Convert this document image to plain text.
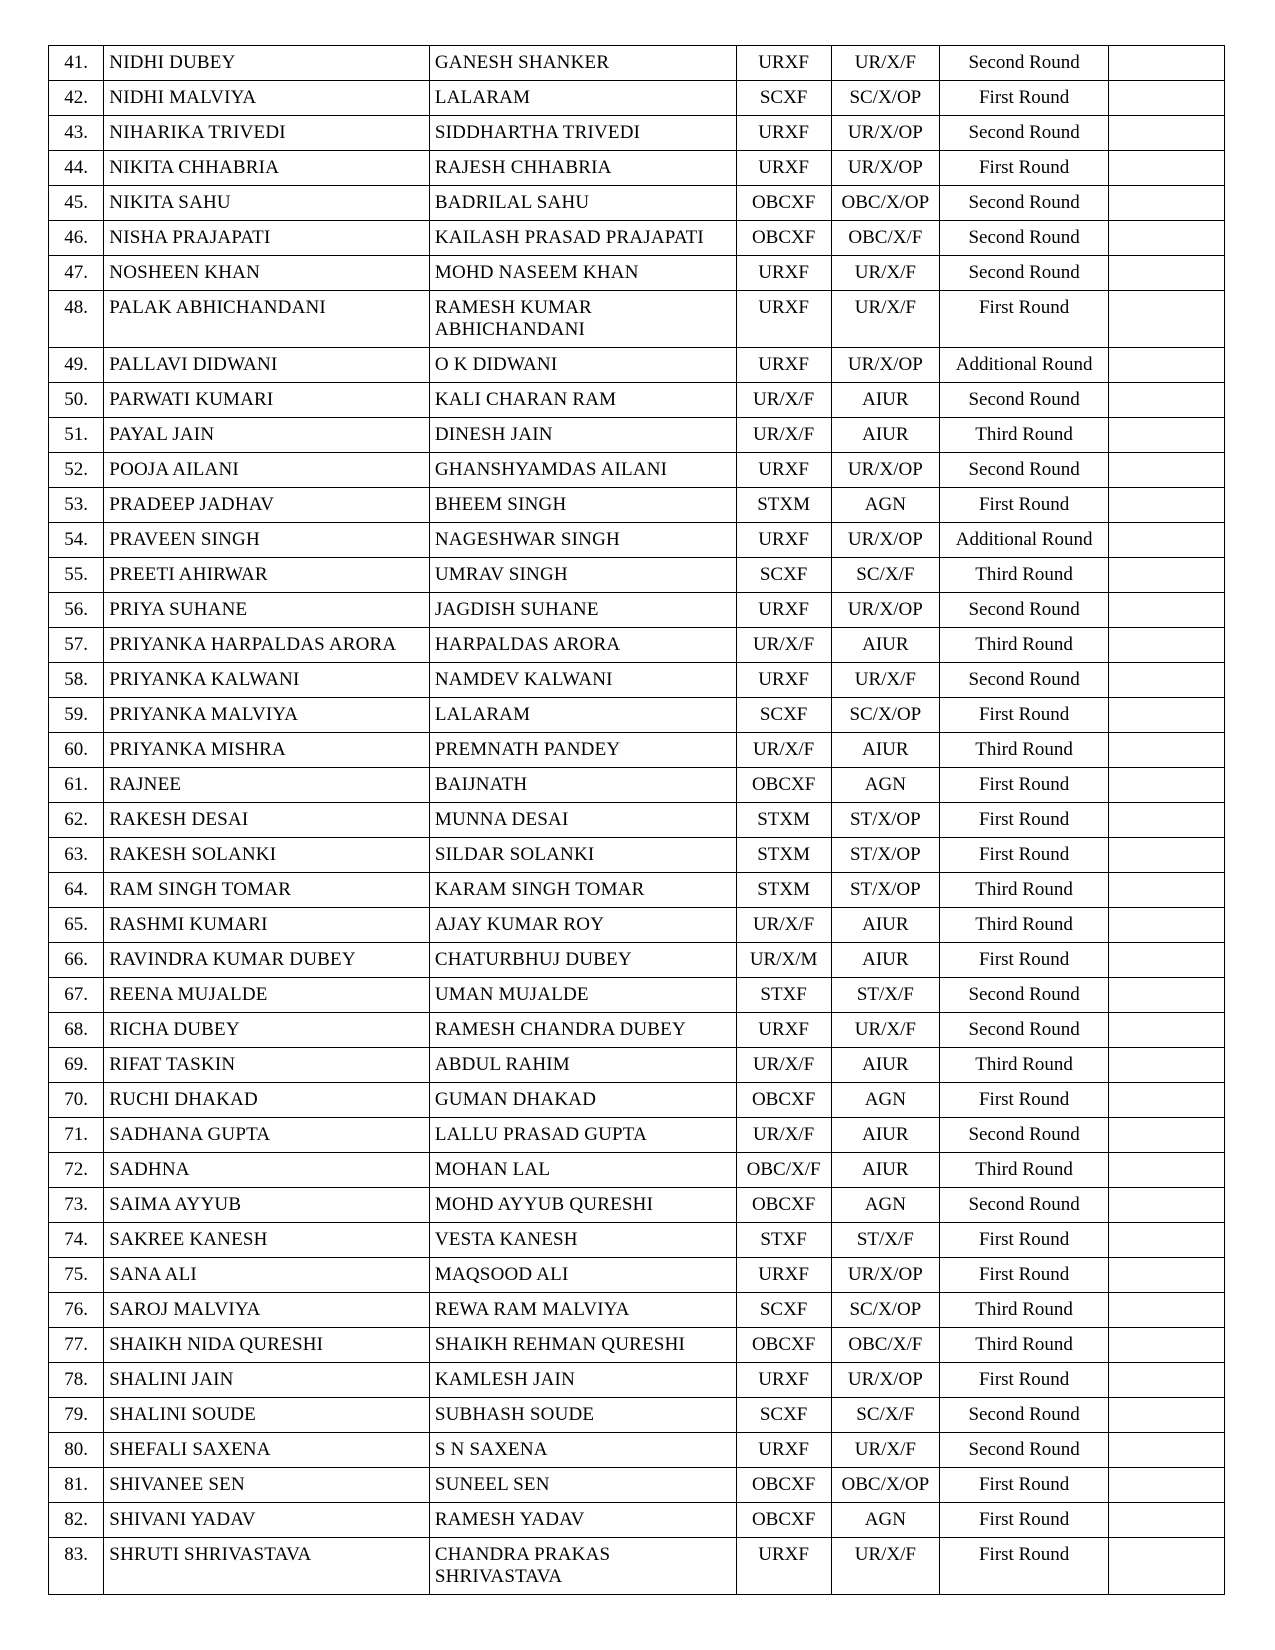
41.	NIDHI DUBEY	GANESH SHANKER	URXF	UR/X/F	Second Round	
42.	NIDHI MALVIYA	LALARAM	SCXF	SC/X/OP	First Round	
43.	NIHARIKA TRIVEDI	SIDDHARTHA TRIVEDI	URXF	UR/X/OP	Second Round	
44.	NIKITA CHHABRIA	RAJESH CHHABRIA	URXF	UR/X/OP	First Round	
45.	NIKITA SAHU	BADRILAL SAHU	OBCXF	OBC/X/OP	Second Round	
46.	NISHA PRAJAPATI	KAILASH PRASAD PRAJAPATI	OBCXF	OBC/X/F	Second Round	
47.	NOSHEEN KHAN	MOHD NASEEM KHAN	URXF	UR/X/F	Second Round	
48.	PALAK ABHICHANDANI	RAMESH KUMAR ABHICHANDANI	URXF	UR/X/F	First Round	
49.	PALLAVI DIDWANI	O K DIDWANI	URXF	UR/X/OP	Additional Round	
50.	PARWATI KUMARI	KALI CHARAN RAM	UR/X/F	AIUR	Second Round	
51.	PAYAL JAIN	DINESH JAIN	UR/X/F	AIUR	Third Round	
52.	POOJA AILANI	GHANSHYAMDAS AILANI	URXF	UR/X/OP	Second Round	
53.	PRADEEP JADHAV	BHEEM SINGH	STXM	AGN	First Round	
54.	PRAVEEN SINGH	NAGESHWAR SINGH	URXF	UR/X/OP	Additional Round	
55.	PREETI AHIRWAR	UMRAV SINGH	SCXF	SC/X/F	Third Round	
56.	PRIYA SUHANE	JAGDISH SUHANE	URXF	UR/X/OP	Second Round	
57.	PRIYANKA HARPALDAS ARORA	HARPALDAS ARORA	UR/X/F	AIUR	Third Round	
58.	PRIYANKA KALWANI	NAMDEV KALWANI	URXF	UR/X/F	Second Round	
59.	PRIYANKA MALVIYA	LALARAM	SCXF	SC/X/OP	First Round	
60.	PRIYANKA MISHRA	PREMNATH PANDEY	UR/X/F	AIUR	Third Round	
61.	RAJNEE	BAIJNATH	OBCXF	AGN	First Round	
62.	RAKESH DESAI	MUNNA DESAI	STXM	ST/X/OP	First Round	
63.	RAKESH SOLANKI	SILDAR SOLANKI	STXM	ST/X/OP	First Round	
64.	RAM SINGH TOMAR	KARAM SINGH TOMAR	STXM	ST/X/OP	Third Round	
65.	RASHMI KUMARI	AJAY KUMAR ROY	UR/X/F	AIUR	Third Round	
66.	RAVINDRA KUMAR DUBEY	CHATURBHUJ DUBEY	UR/X/M	AIUR	First Round	
67.	REENA MUJALDE	UMAN MUJALDE	STXF	ST/X/F	Second Round	
68.	RICHA DUBEY	RAMESH CHANDRA DUBEY	URXF	UR/X/F	Second Round	
69.	RIFAT TASKIN	ABDUL RAHIM	UR/X/F	AIUR	Third Round	
70.	RUCHI DHAKAD	GUMAN DHAKAD	OBCXF	AGN	First Round	
71.	SADHANA GUPTA	LALLU PRASAD GUPTA	UR/X/F	AIUR	Second Round	
72.	SADHNA	MOHAN LAL	OBC/X/F	AIUR	Third Round	
73.	SAIMA AYYUB	MOHD AYYUB QURESHI	OBCXF	AGN	Second Round	
74.	SAKREE KANESH	VESTA KANESH	STXF	ST/X/F	First Round	
75.	SANA ALI	MAQSOOD ALI	URXF	UR/X/OP	First Round	
76.	SAROJ MALVIYA	REWA RAM MALVIYA	SCXF	SC/X/OP	Third Round	
77.	SHAIKH NIDA QURESHI	SHAIKH REHMAN QURESHI	OBCXF	OBC/X/F	Third Round	
78.	SHALINI JAIN	KAMLESH JAIN	URXF	UR/X/OP	First Round	
79.	SHALINI SOUDE	SUBHASH SOUDE	SCXF	SC/X/F	Second Round	
80.	SHEFALI SAXENA	S N SAXENA	URXF	UR/X/F	Second Round	
81.	SHIVANEE SEN	SUNEEL SEN	OBCXF	OBC/X/OP	First Round	
82.	SHIVANI YADAV	RAMESH YADAV	OBCXF	AGN	First Round	
83.	SHRUTI SHRIVASTAVA	CHANDRA PRAKAS SHRIVASTAVA	URXF	UR/X/F	First Round	
